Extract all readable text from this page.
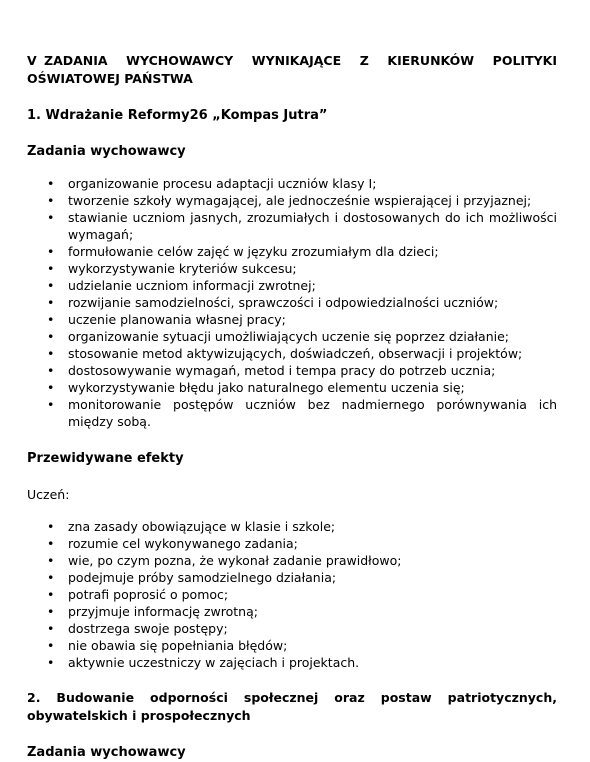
V ZADANIA WYCHOWAWCY WYNIKAJĄCE Z KIERUNKÓW POLITYKI OŚWIATOWEJ PAŃSTWA

1. Wdrażanie Reformy26 „Kompas Jutra”

Zadania wychowawcy

• organizowanie procesu adaptacji uczniów klasy I;
• tworzenie szkoły wymagającej, ale jednocześnie wspierającej i przyjaznej;
• stawianie uczniom jasnych, zrozumiałych i dostosowanych do ich możliwości wymagań;
• formułowanie celów zajęć w języku zrozumiałym dla dzieci;
• wykorzystywanie kryteriów sukcesu;
• udzielanie uczniom informacji zwrotnej;
• rozwijanie samodzielności, sprawczości i odpowiedzialności uczniów;
• uczenie planowania własnej pracy;
• organizowanie sytuacji umożliwiających uczenie się poprzez działanie;
• stosowanie metod aktywizujących, doświadczeń, obserwacji i projektów;
• dostosowywanie wymagań, metod i tempa pracy do potrzeb ucznia;
• wykorzystywanie błędu jako naturalnego elementu uczenia się;
• monitorowanie postępów uczniów bez nadmiernego porównywania ich między sobą.

Przewidywane efekty

Uczeń:

• zna zasady obowiązujące w klasie i szkole;
• rozumie cel wykonywanego zadania;
• wie, po czym pozna, że wykonał zadanie prawidłowo;
• podejmuje próby samodzielnego działania;
• potrafi poprosić o pomoc;
• przyjmuje informację zwrotną;
• dostrzega swoje postępy;
• nie obawia się popełniania błędów;
• aktywnie uczestniczy w zajęciach i projektach.

2. Budowanie odporności społecznej oraz postaw patriotycznych, obywatelskich i prospołecznych

Zadania wychowawcy
